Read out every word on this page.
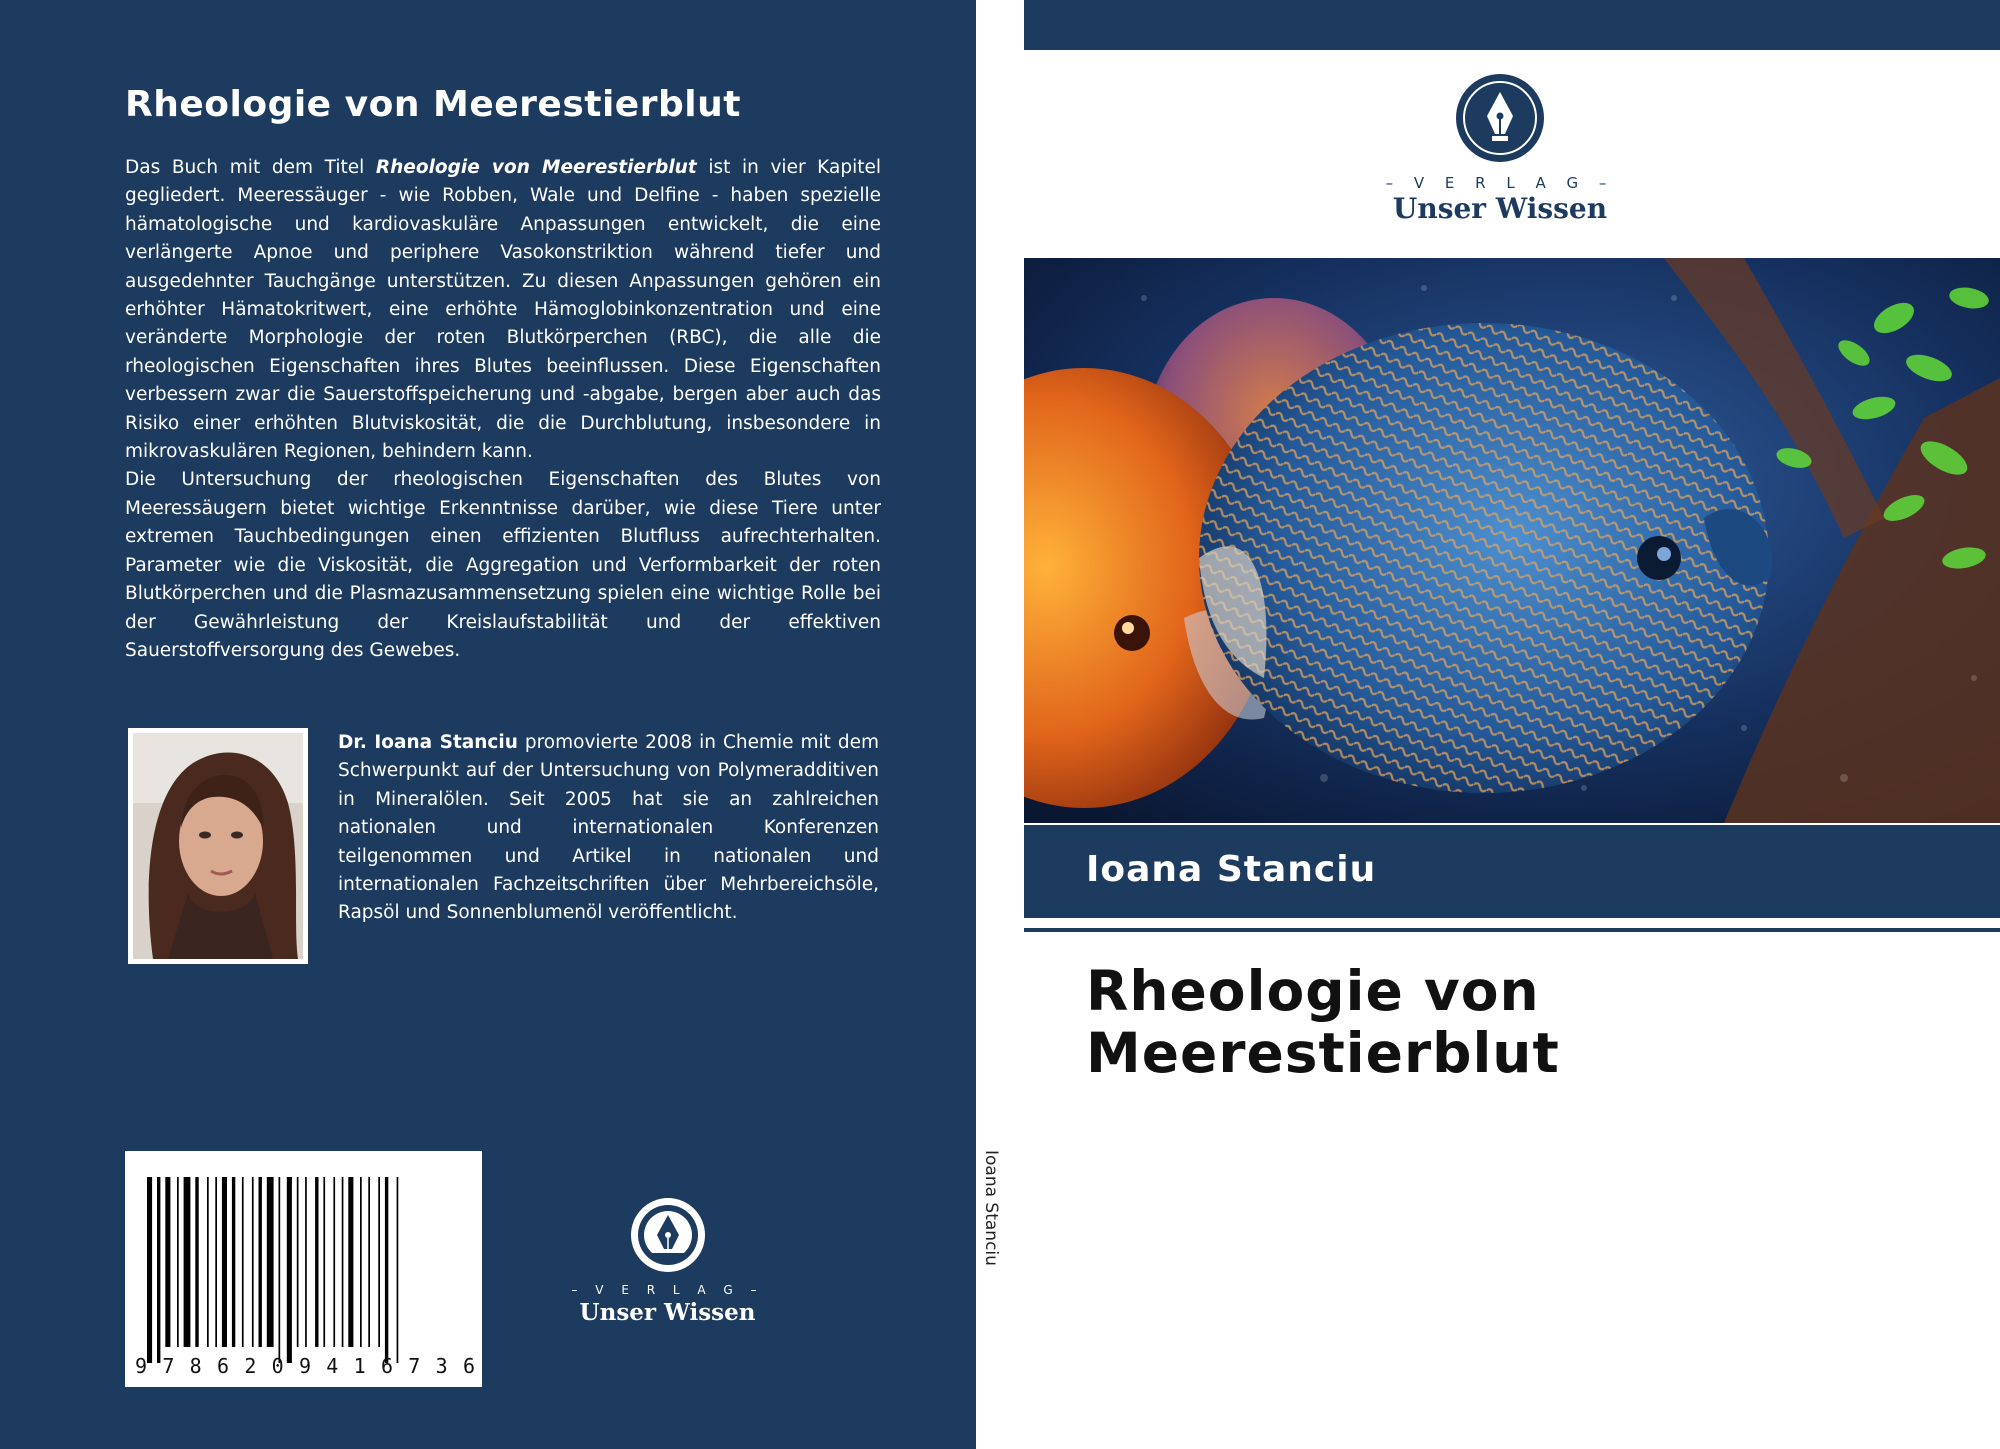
Rheologie von Meerestierblut

Das Buch mit dem Titel Rheologie von Meerestierblut ist in vier Kapitel gegliedert. Meeressäuger - wie Robben, Wale und Delfine - haben spezielle hämatologische und kardiovaskuläre Anpassungen entwickelt, die eine verlängerte Apnoe und periphere Vasokonstriktion während tiefer und ausgedehnter Tauchgänge unterstützen. Zu diesen Anpassungen gehören ein erhöhter Hämatokritwert, eine erhöhte Hämoglobinkonzentration und eine veränderte Morphologie der roten Blutkörperchen (RBC), die alle die rheologischen Eigenschaften ihres Blutes beeinflussen. Diese Eigenschaften verbessern zwar die Sauerstoffspeicherung und -abgabe, bergen aber auch das Risiko einer erhöhten Blutviskosität, die die Durchblutung, insbesondere in mikrovaskulären Regionen, behindern kann.

Die Untersuchung der rheologischen Eigenschaften des Blutes von Meeressäugern bietet wichtige Erkenntnisse darüber, wie diese Tiere unter extremen Tauchbedingungen einen effizienten Blutfluss aufrechterhalten. Parameter wie die Viskosität, die Aggregation und Verformbarkeit der roten Blutkörperchen und die Plasmazusammensetzung spielen eine wichtige Rolle bei der Gewährleistung der Kreislaufstabilität und der effektiven Sauerstoffversorgung des Gewebes.

Dr. Ioana Stanciu promovierte 2008 in Chemie mit dem Schwerpunkt auf der Untersuchung von Polymeradditiven in Mineralölen. Seit 2005 hat sie an zahlreichen nationalen und internationalen Konferenzen teilgenommen und Artikel in nationalen und internationalen Fachzeitschriften über Mehrbereichsöle, Rapsöl und Sonnenblumenöl veröffentlicht.

9 7 8 6 2 0 9 4 1 6 7 3 6
– V E R L A G –
Unser Wissen
Ioana Stanciu
– V E R L A G –
Unser Wissen
Ioana Stanciu
Rheologie von
Meerestierblut
